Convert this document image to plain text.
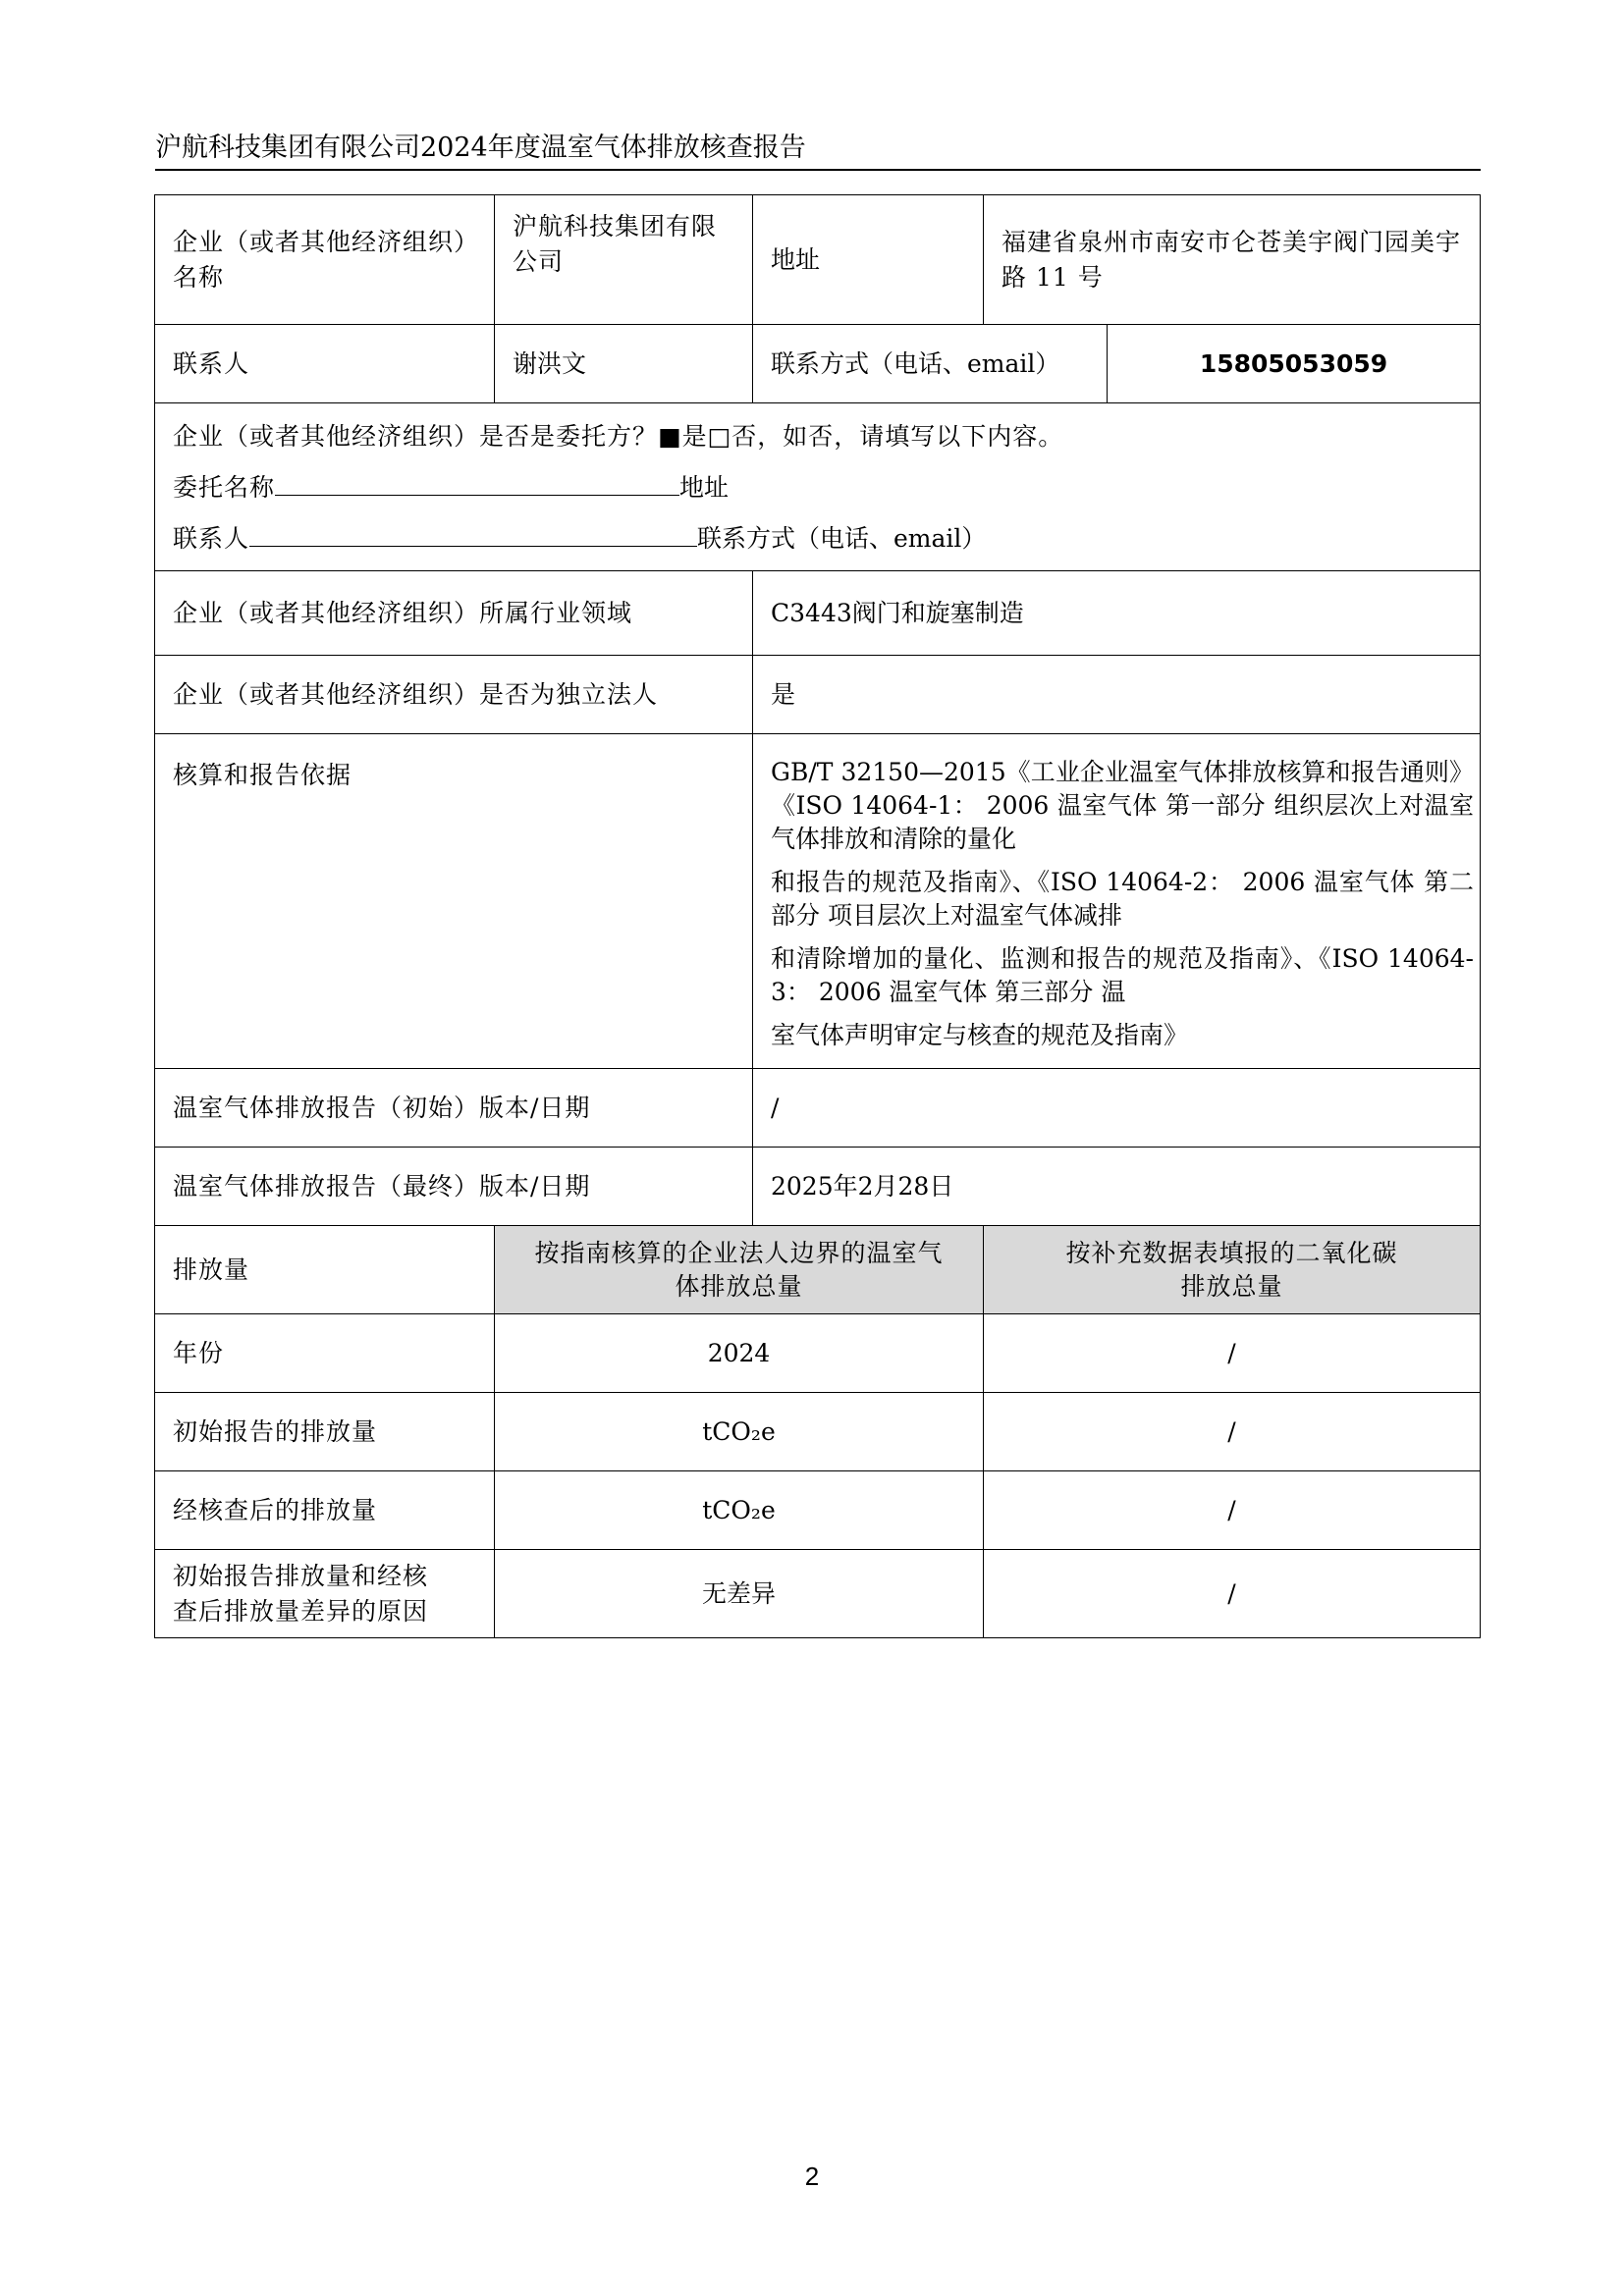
沪航科技集团有限公司2024年度温室气体排放核查报告
企业（或者其他经济组织）名称	沪航科技集团有限公司	地址	福建省泉州市南安市仑苍美宇阀门园美宇路 11 号	
联系人	谢洪文	联系方式（电话、email）		15805053059

企业（或者其他经济组织）是否是委托方？■是□否，如否，请填写以下内容。
委托名称 地址
联系人 联系方式（电话、email）				

企业（或者其他经济组织）所属行业领域		C3443阀门和旋塞制造		
企业（或者其他经济组织）是否为独立法人		是		
核算和报告依据		GB/T 32150—2015《工业企业温室气体排放核算和报告通则》《ISO 14064-1： 2006 温室气体 第一部分 组织层次上对温室气体排放和清除的量化

和报告的规范及指南》、《ISO 14064-2： 2006 温室气体 第二部分 项目层次上对温室气体减排

和清除增加的量化、监测和报告的规范及指南》、《ISO 14064-3： 2006 温室气体 第三部分 温

室气体声明审定与核查的规范及指南》		

温室气体排放报告（初始）版本/日期		/		
温室气体排放报告（最终）版本/日期		2025年2月28日		
排放量	按指南核算的企业法人边界的温室气
体排放总量		按补充数据表填报的二氧化碳
排放总量	

年份	2024		/	
初始报告的排放量	tCO₂e		/	
经核查后的排放量	tCO₂e		/	

初始报告排放量和经核
查后排放量差异的原因	无差异		/	
2
